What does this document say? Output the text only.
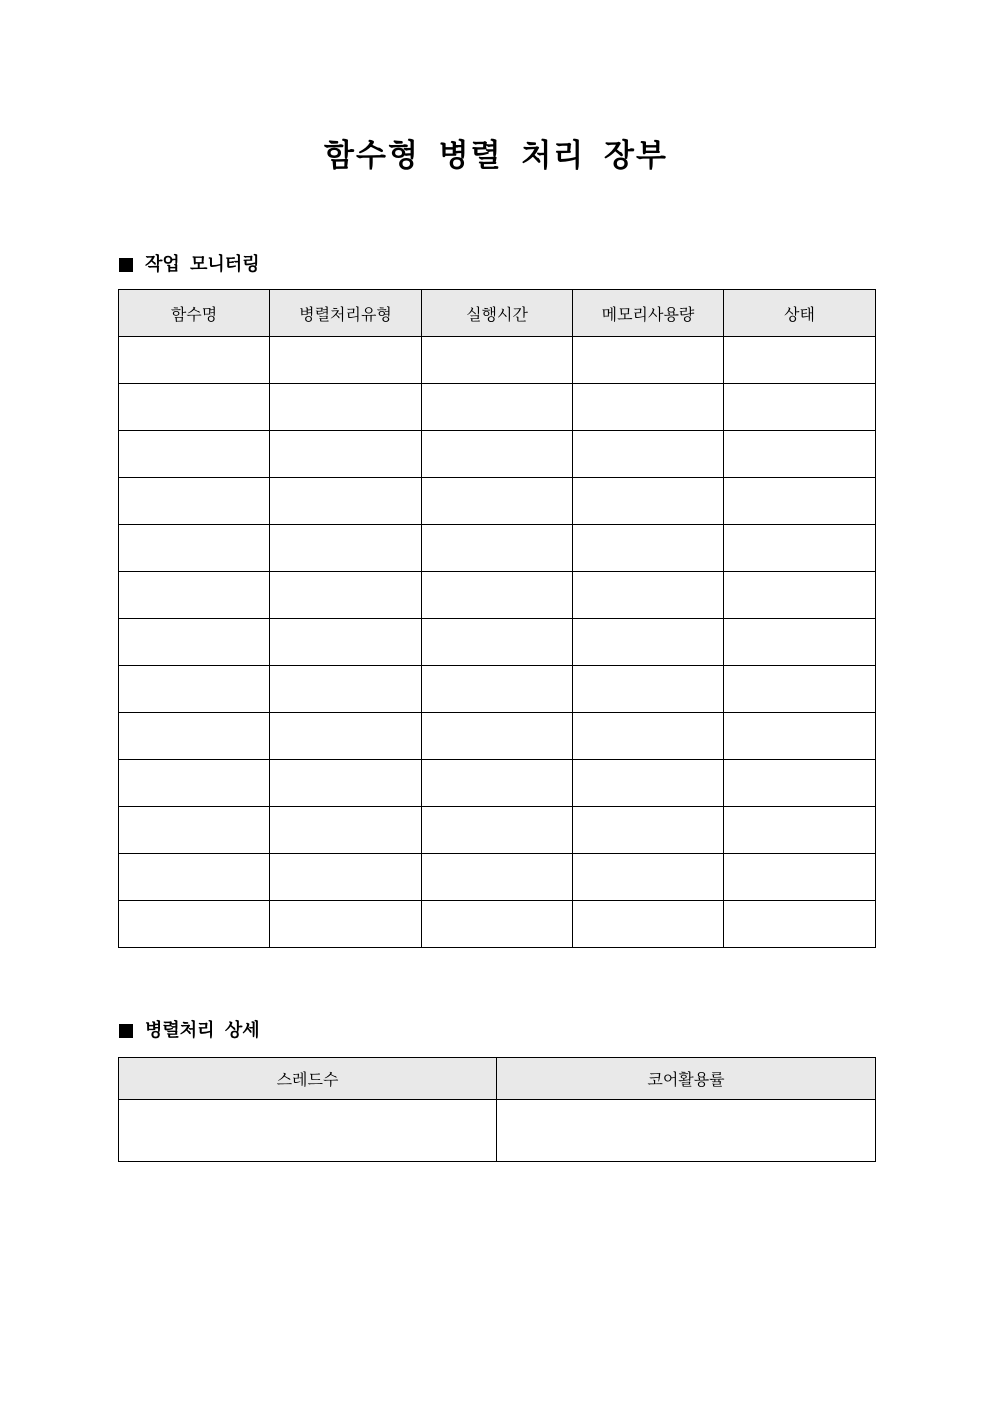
함수형 병렬 처리 장부
작업 모니터링
함수명	병렬처리유형	실행시간	메모리사용량	상태

병렬처리 상세
스레드수	코어활용률
